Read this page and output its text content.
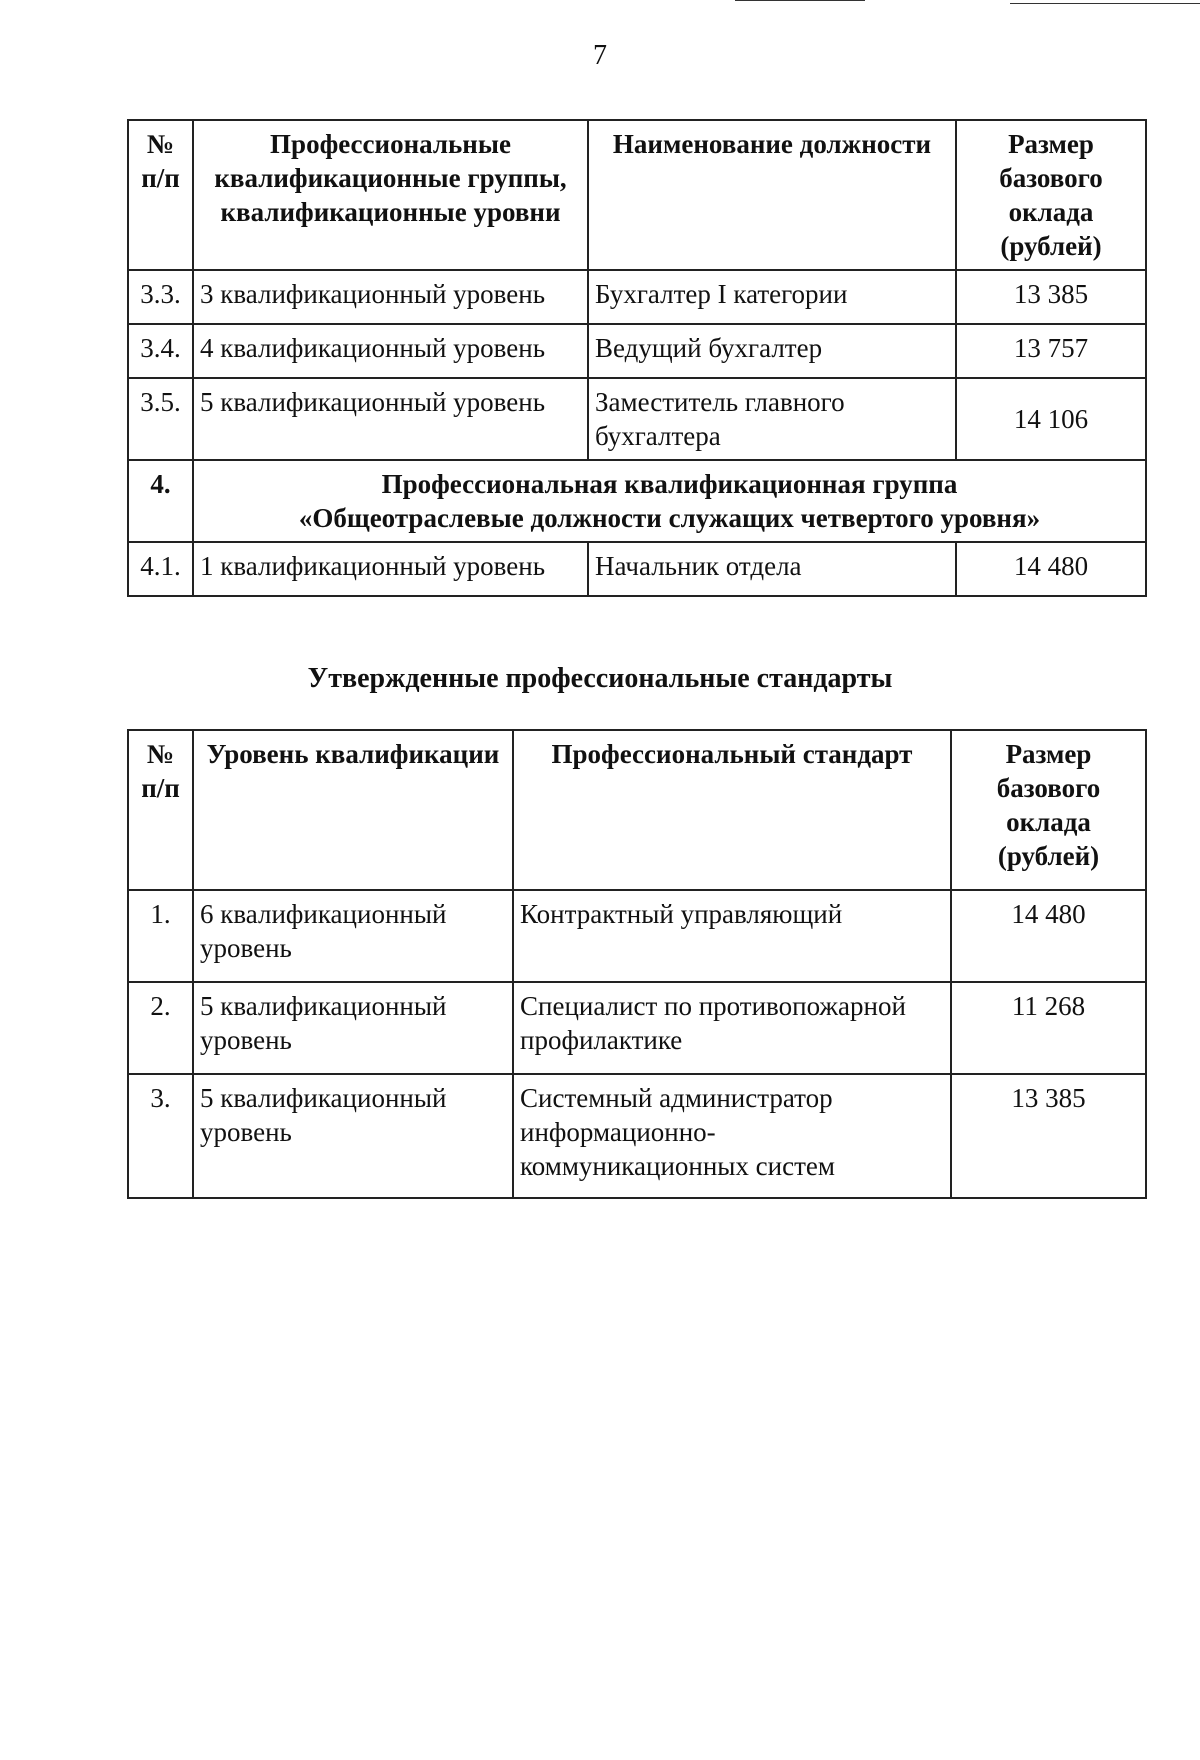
7
№ п/п	Профессиональные квалификационные группы, квалификационные уровни	Наименование должности	Размер базового оклада (рублей)
3.3.	3 квалификационный уровень	Бухгалтер I категории	13 385
3.4.	4 квалификационный уровень	Ведущий бухгалтер	13 757
3.5.	5 квалификационный уровень	Заместитель главного бухгалтера	14 106
4.	Профессиональная квалификационная группа
«Общеотраслевые должности служащих четвертого уровня»		

4.1.	1 квалификационный уровень	Начальник отдела	14 480
Утвержденные профессиональные стандарты
№ п/п	Уровень квалификации	Профессиональный стандарт	Размер базового оклада (рублей)
1.	6 квалификационный уровень	Контрактный управляющий	14 480
2.	5 квалификационный уровень	Специалист по противопожарной профилактике	11 268
3.	5 квалификационный уровень	Системный администратор информационно-коммуникационных систем	13 385
